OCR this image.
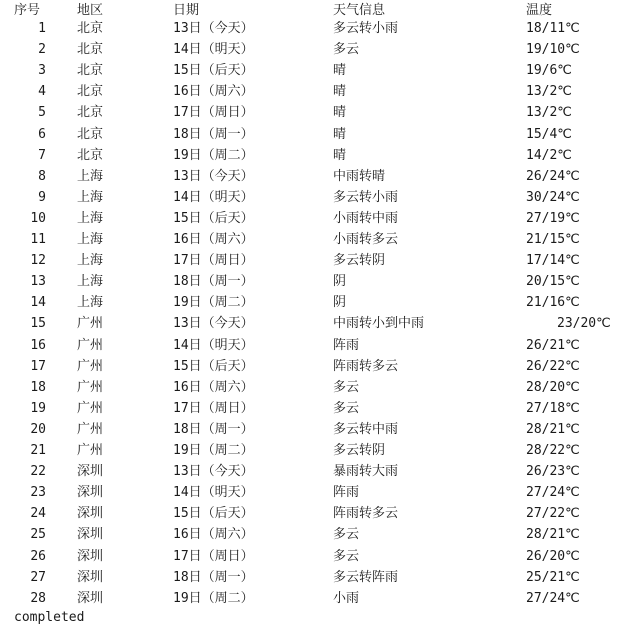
序号	地区	日期	天气信息	温度
1 北京	13日（今天）	多云转小雨	18/11℃
2 北京	14日（明天）	多云	19/10℃
3 北京	15日（后天）	晴	19/6℃
4 北京	16日（周六）	晴	13/2℃
5 北京	17日（周日）	晴	13/2℃
6 北京	18日（周一）	晴	15/4℃
7 北京	19日（周二）	晴	14/2℃
8 上海	13日（今天）	中雨转晴	26/24℃
9 上海	14日（明天）	多云转小雨	30/24℃
10 上海	15日（后天）	小雨转中雨	27/19℃
11 上海	16日（周六）	小雨转多云	21/15℃
12 上海	17日（周日）	多云转阴	17/14℃
13 上海	18日（周一）	阴	20/15℃
14 上海	19日（周二）	阴	21/16℃
15 广州	13日（今天）	中雨转小到中雨	23/20℃
16 广州	14日（明天）	阵雨	26/21℃
17 广州	15日（后天）	阵雨转多云	26/22℃
18 广州	16日（周六）	多云	28/20℃
19 广州	17日（周日）	多云	27/18℃
20 广州	18日（周一）	多云转中雨	28/21℃
21 广州	19日（周二）	多云转阴	28/22℃
22 深圳	13日（今天）	暴雨转大雨	26/23℃
23 深圳	14日（明天）	阵雨	27/24℃
24 深圳	15日（后天）	阵雨转多云	27/22℃
25 深圳	16日（周六）	多云	28/21℃
26 深圳	17日（周日）	多云	26/20℃
27 深圳	18日（周一）	多云转阵雨	25/21℃
28 深圳	19日（周二）	小雨	27/24℃
completed
